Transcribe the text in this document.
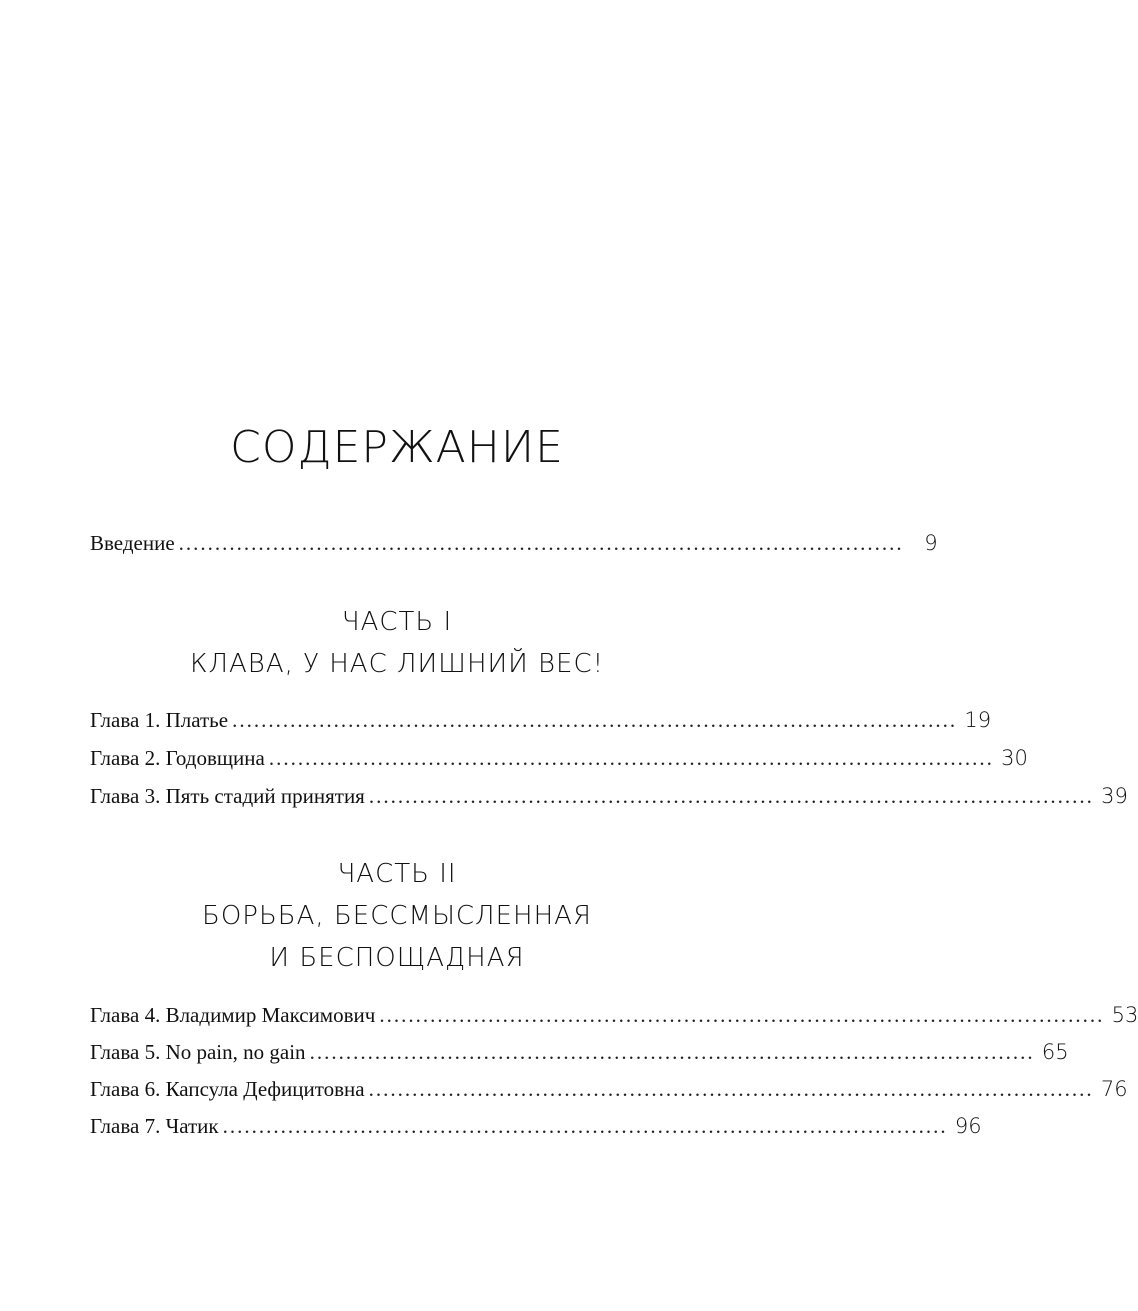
СОДЕРЖАНИЕ
Введение .................................................................................................... 9
ЧАСТЬ I
КЛАВА, У НАС ЛИШНИЙ ВЕС!
Глава 1. Платье .................................................................................................... 19
Глава 2. Годовщина .................................................................................................... 30
Глава 3. Пять стадий принятия .................................................................................................... 39
ЧАСТЬ II
БОРЬБА, БЕССМЫСЛЕННАЯ
И БЕСПОЩАДНАЯ
Глава 4. Владимир Максимович .................................................................................................... 53
Глава 5. No pain, no gain .................................................................................................... 65
Глава 6. Капсула Дефицитовна .................................................................................................... 76
Глава 7. Чатик .................................................................................................... 96
